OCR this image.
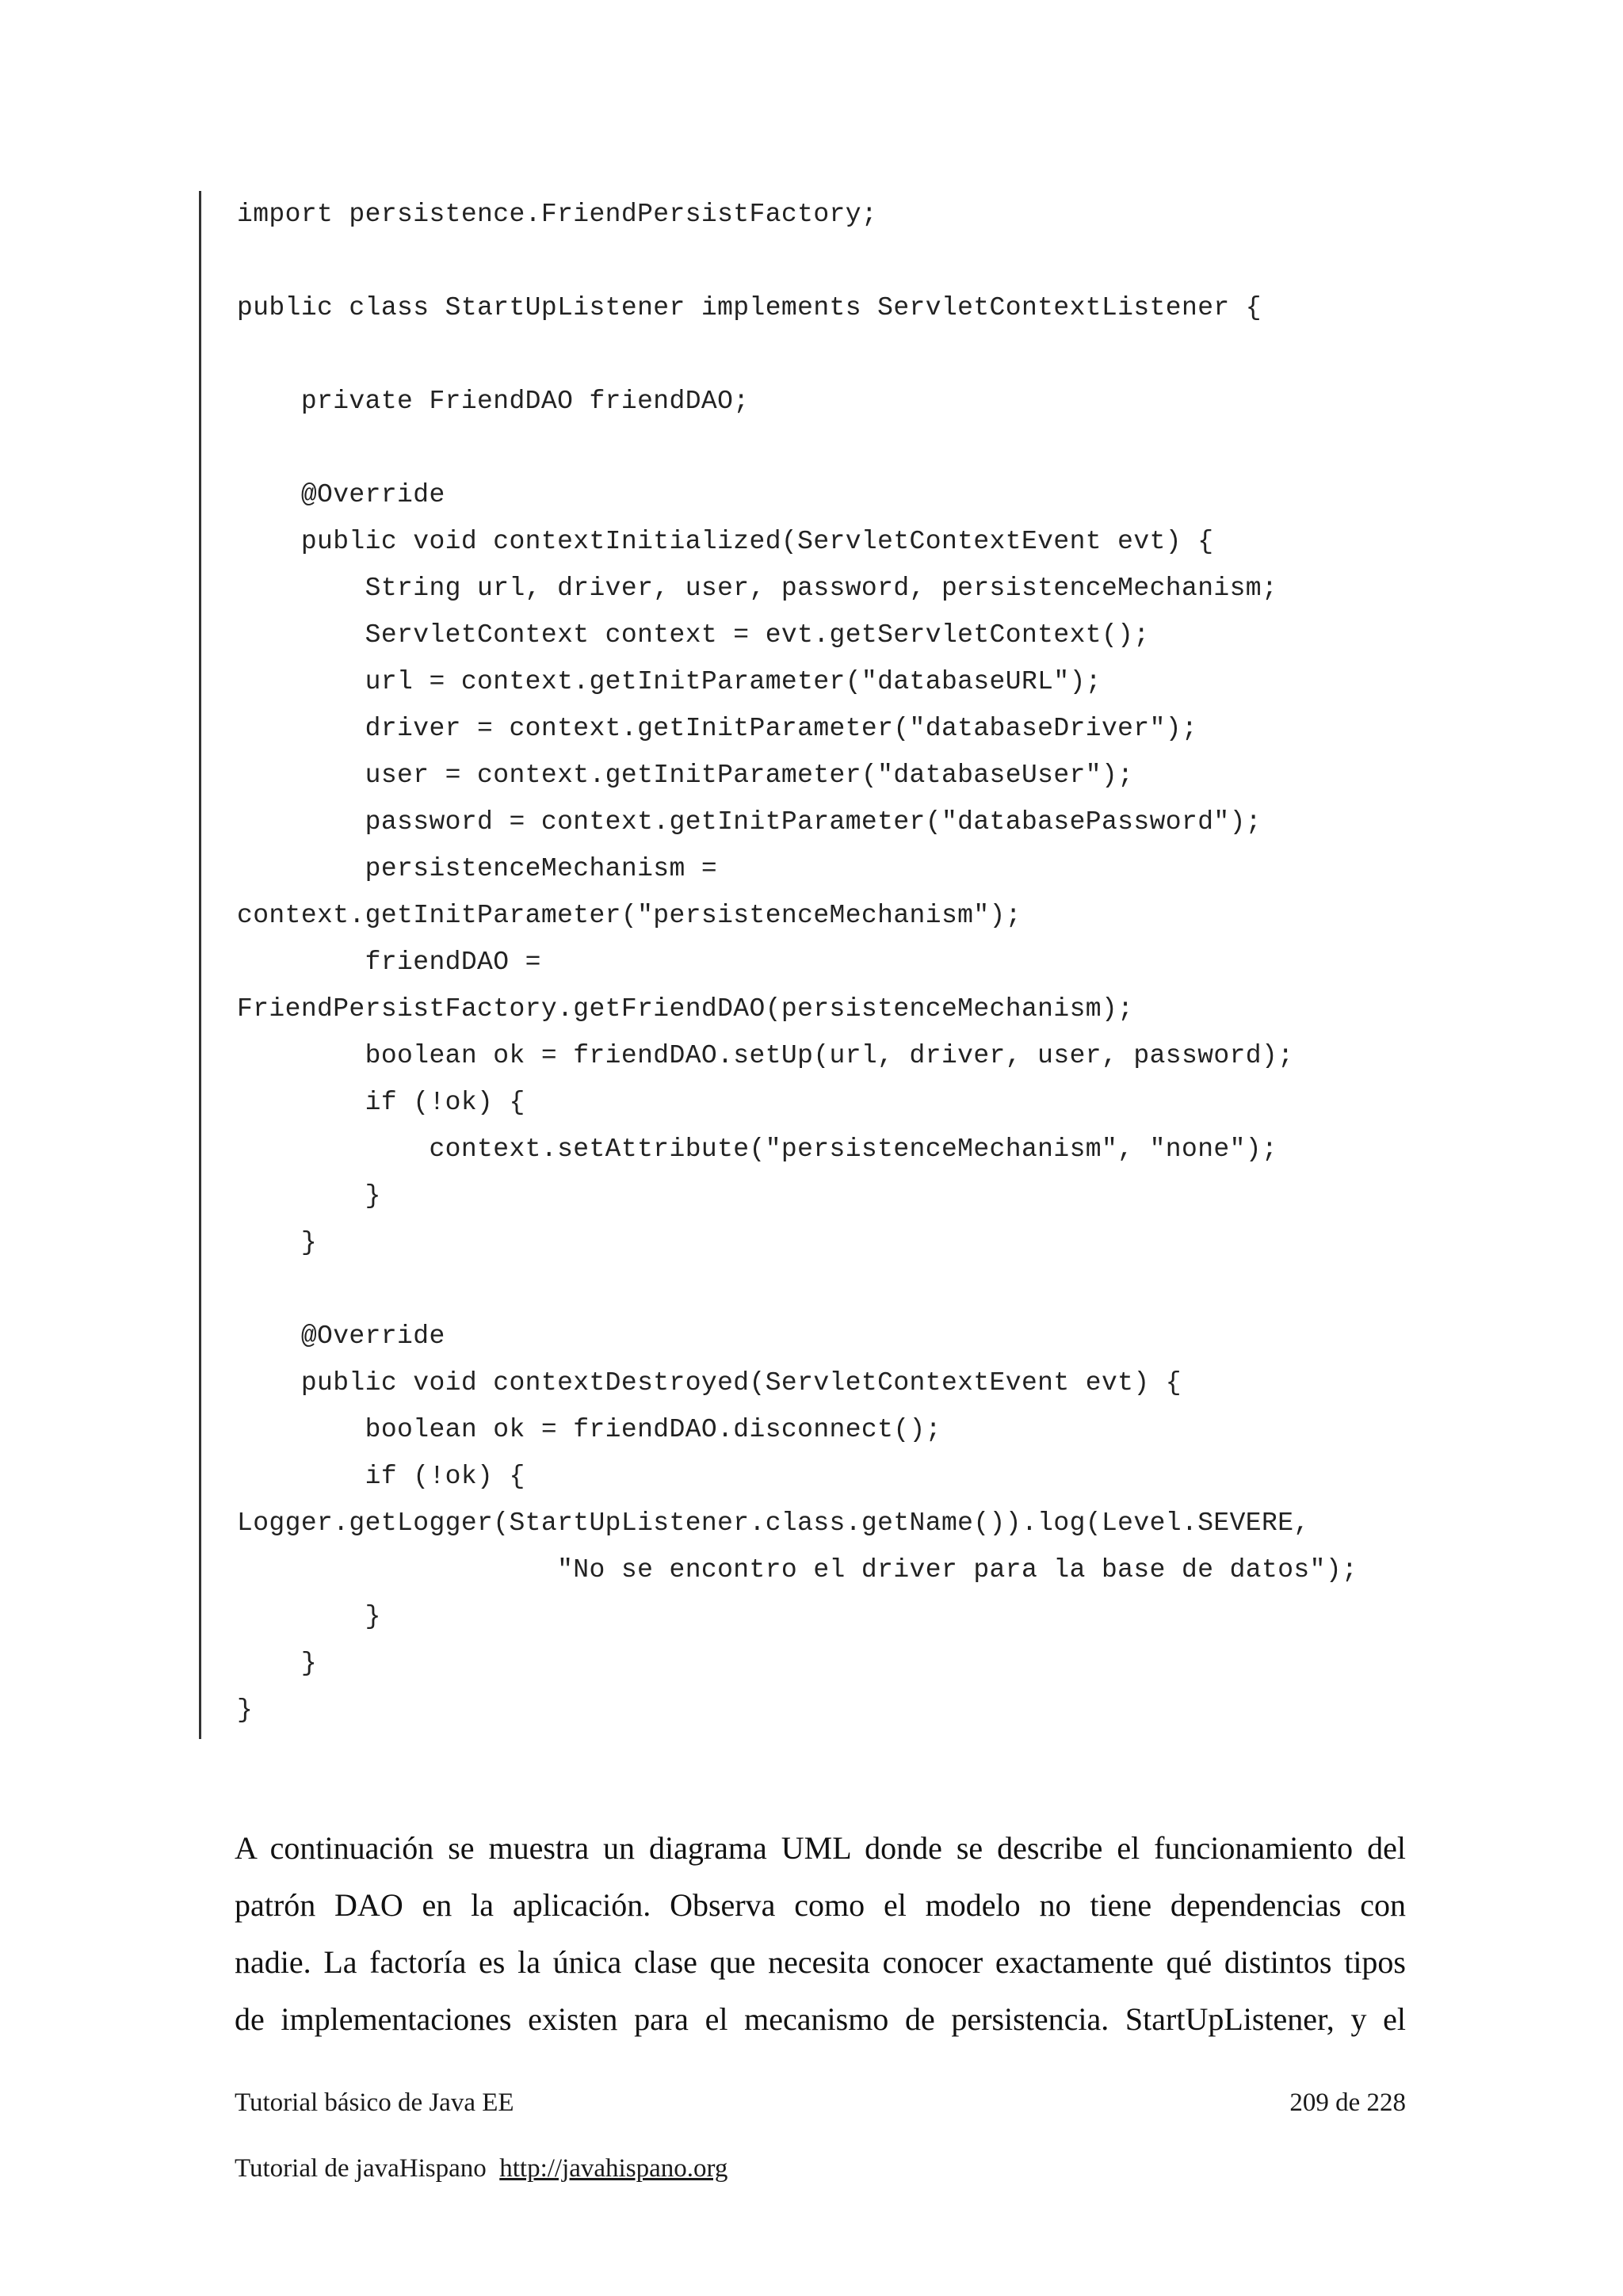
import persistence.FriendPersistFactory;
public class StartUpListener implements ServletContextListener {
private FriendDAO friendDAO;
@Override
public void contextInitialized(ServletContextEvent evt) {
String url, driver, user, password, persistenceMechanism;
ServletContext context = evt.getServletContext();
url = context.getInitParameter("databaseURL");
driver = context.getInitParameter("databaseDriver");
user = context.getInitParameter("databaseUser");
password = context.getInitParameter("databasePassword");
persistenceMechanism =
context.getInitParameter("persistenceMechanism");
friendDAO =
FriendPersistFactory.getFriendDAO(persistenceMechanism);
boolean ok = friendDAO.setUp(url, driver, user, password);
if (!ok) {
context.setAttribute("persistenceMechanism", "none");
}
}
@Override
public void contextDestroyed(ServletContextEvent evt) {
boolean ok = friendDAO.disconnect();
if (!ok) {
Logger.getLogger(StartUpListener.class.getName()).log(Level.SEVERE,
"No se encontro el driver para la base de datos");
}
}
}
A continuación se muestra un diagrama UML donde se describe el funcionamiento del
patrón DAO en la aplicación. Observa como el modelo no tiene dependencias con
nadie. La factoría es la única clase que necesita conocer exactamente qué distintos tipos
de implementaciones existen para el mecanismo de persistencia. StartUpListener, y el
Tutorial básico de Java EE	209 de 228
Tutorial de javaHispano http://javahispano.org
